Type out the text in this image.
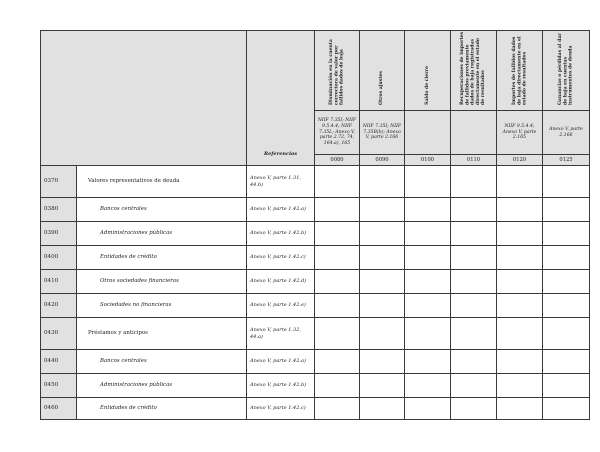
		Referencias	Disminución en la cuenta correctora de valor por fallidos dados de baja	Otros ajustes	Saldo de cierre	Recuperaciones de importes de fallidos previamente dados de baja registradas directamente en el estado de resultados	Importes de fallidos dados de baja directamente en el estado de resultados	Ganancias o pérdidas al dar de baja en cuentas instrumentos de deuda

			NIIF 7.35I; NIIF 9.5.4.4; NIIF 7.35L; Anexo V, parte 2.72, 74, 164.a), 165	NIIF 7.35I; NIIF 7.35B(b); Anexo V, parte 2.166			NIIF 9.5.4.4; Anexo V, parte 2.165	Anexo V, parte 2.166
			0080	0090	0100	0110	0120	0125
0370	Valores representativos de deuda	Anexo V, parte 1.31, 44.b)						
0380	Bancos centrales	Anexo V, parte 1.42.a)						
0390	Administraciones públicas	Anexo V, parte 1.42.b)						
0400	Entidades de crédito	Anexo V, parte 1.42.c)						
0410	Otras sociedades financieras	Anexo V, parte 1.42.d)						
0420	Sociedades no financieras	Anexo V, parte 1.42.e)						
0430	Préstamos y anticipos	Anexo V, parte 1.32, 44.a)						
0440	Bancos centrales	Anexo V, parte 1.42.a)						
0450	Administraciones públicas	Anexo V, parte 1.42.b)						
0460	Entidades de crédito	Anexo V, parte 1.42.c)						
